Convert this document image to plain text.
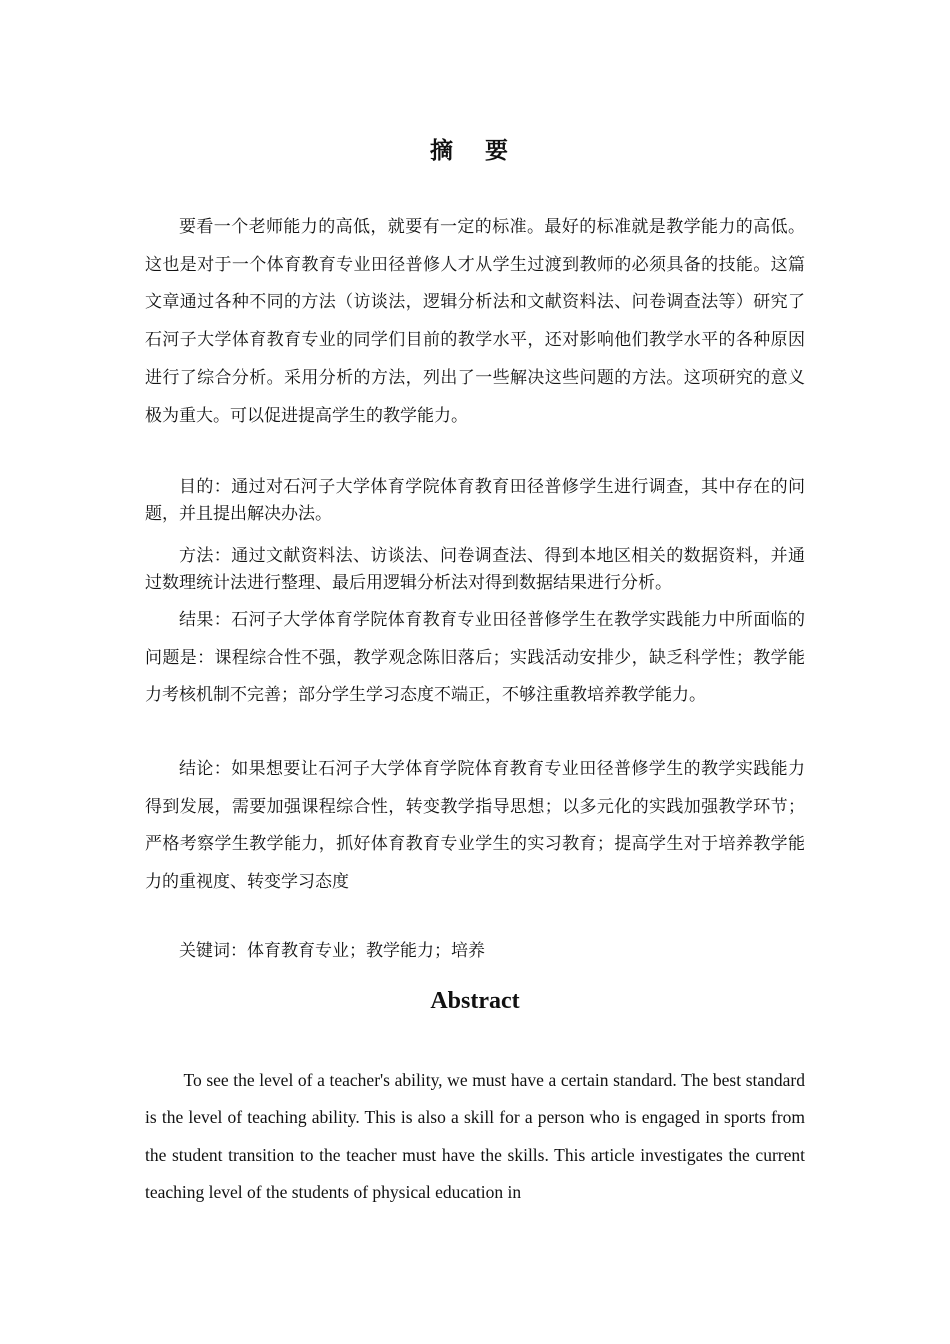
摘 要

要看一个老师能力的高低，就要有一定的标准。最好的标准就是教学能力的高低。这也是对于一个体育教育专业田径普修人才从学生过渡到教师的必须具备的技能。这篇文章通过各种不同的方法（访谈法，逻辑分析法和文献资料法、问卷调查法等）研究了石河子大学体育教育专业的同学们目前的教学水平，还对影响他们教学水平的各种原因进行了综合分析。采用分析的方法，列出了一些解决这些问题的方法。这项研究的意义极为重大。可以促进提高学生的教学能力。

目的：通过对石河子大学体育学院体育教育田径普修学生进行调查，其中存在的问题，并且提出解决办法。

方法：通过文献资料法、访谈法、问卷调查法、得到本地区相关的数据资料，并通过数理统计法进行整理、最后用逻辑分析法对得到数据结果进行分析。

结果：石河子大学体育学院体育教育专业田径普修学生在教学实践能力中所面临的问题是：课程综合性不强，教学观念陈旧落后；实践活动安排少，缺乏科学性；教学能力考核机制不完善；部分学生学习态度不端正，不够注重教培养教学能力。

结论：如果想要让石河子大学体育学院体育教育专业田径普修学生的教学实践能力得到发展，需要加强课程综合性，转变教学指导思想；以多元化的实践加强教学环节；严格考察学生教学能力，抓好体育教育专业学生的实习教育；提高学生对于培养教学能力的重视度、转变学习态度

关键词：体育教育专业；教学能力；培养

Abstract

To see the level of a teacher's ability, we must have a certain standard. The best standard is the level of teaching ability. This is also a skill for a person who is engaged in sports from the student transition to the teacher must have the skills. This article investigates the current teaching level of the students of physical education in
